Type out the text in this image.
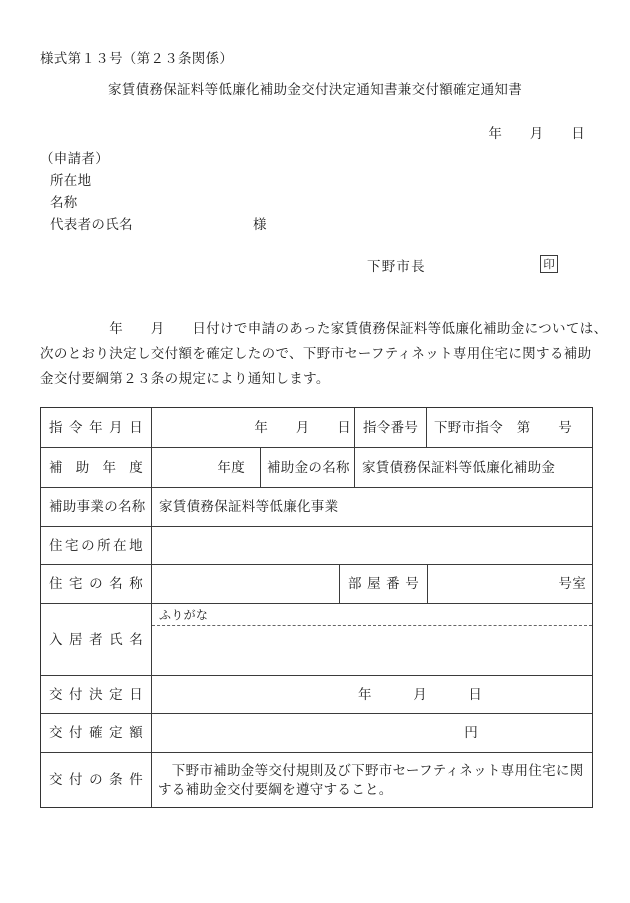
様式第１３号（第２３条関係）
家賃債務保証料等低廉化補助金交付決定通知書兼交付額確定通知書
年　　月　　日
（申請者）
所在地
名称
代表者の氏名	様
下野市長	印
　　　　　年　　月　　日付けで申請のあった家賃債務保証料等低廉化補助金については、
次のとおり決定し交付額を確定したので、下野市セーフティネット専用住宅に関する補助
金交付要綱第２３条の規定により通知します。
指令年月日	年　　月　　日 指令番号 下野市指令　第　　号
補助年度	年度 補助金の名称 家賃債務保証料等低廉化補助金
補助事業の名称 家賃債務保証料等低廉化事業
住宅の所在地
住宅の名称	部屋番号	号室
入居者氏名
ふりがな
交付決定日	年　　　月　　　日
交付確定額	円
交付の条件
　下野市補助金等交付規則及び下野市セーフティネット専用住宅に関
する補助金交付要綱を遵守すること。
